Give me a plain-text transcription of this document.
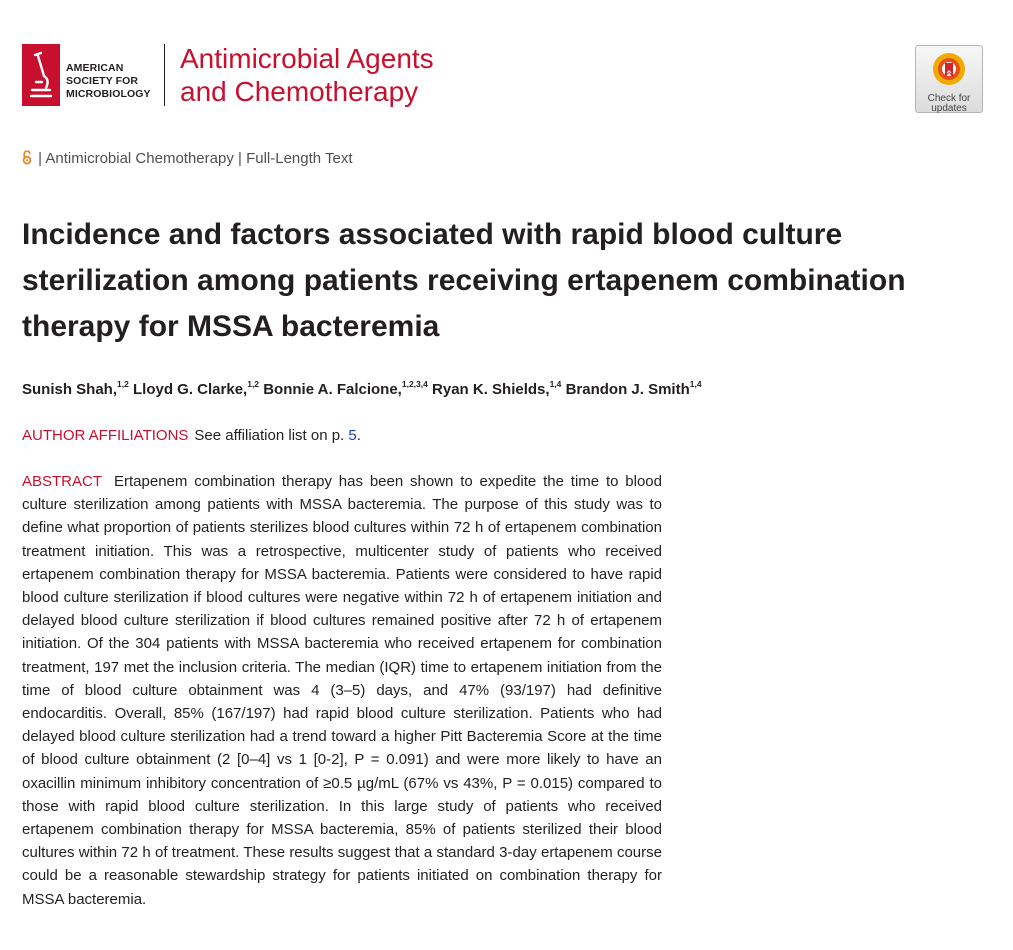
AMERICAN
SOCIETY FOR
MICROBIOLOGY
Antimicrobial Agents
and Chemotherapy	Check for
updates
| Antimicrobial Chemotherapy | Full-Length Text
Incidence and factors associated with rapid blood culture sterilization among patients receiving ertapenem combination therapy for MSSA bacteremia
Sunish Shah,$^{1,2}$ Lloyd G. Clarke,$^{1,2}$ Bonnie A. Falcione,$^{1,2,3,4}$ Ryan K. Shields,$^{1,4}$ Brandon J. Smith$^{1,4}$
AUTHOR AFFILIATIONS See affiliation list on p. 5.

ABSTRACT Ertapenem combination therapy has been shown to expedite the time to blood culture sterilization among patients with MSSA bacteremia. The purpose of this study was to define what proportion of patients sterilizes blood cultures within 72 h of ertapenem combination treatment initiation. This was a retrospective, multicenter study of patients who received ertapenem combination therapy for MSSA bacteremia. Patients were considered to have rapid blood culture sterilization if blood cultures were negative within 72 h of ertapenem initiation and delayed blood culture sterilization if blood cultures remained positive after 72 h of ertapenem initiation. Of the 304 patients with MSSA bacteremia who received ertapenem for combination treatment, 197 met the inclusion criteria. The median (IQR) time to ertapenem initiation from the time of blood culture obtainment was 4 (3–5) days, and 47% (93/197) had definitive endocarditis. Overall, 85% (167/197) had rapid blood culture sterilization. Patients who had delayed blood culture sterilization had a trend toward a higher Pitt Bacteremia Score at the time of blood culture obtainment (2 [0–4] vs 1 [0-2], P = 0.091) and were more likely to have an oxacillin minimum inhibitory concentration of ≥0.5 µg/mL (67% vs 43%, P = 0.015) compared to those with rapid blood culture sterilization. In this large study of patients who received ertapenem combination therapy for MSSA bacteremia, 85% of patients sterilized their blood cultures within 72 h of treatment. These results suggest that a standard 3-day ertapenem course could be a reasonable stewardship strategy for patients initiated on combination therapy for MSSA bacteremia.
